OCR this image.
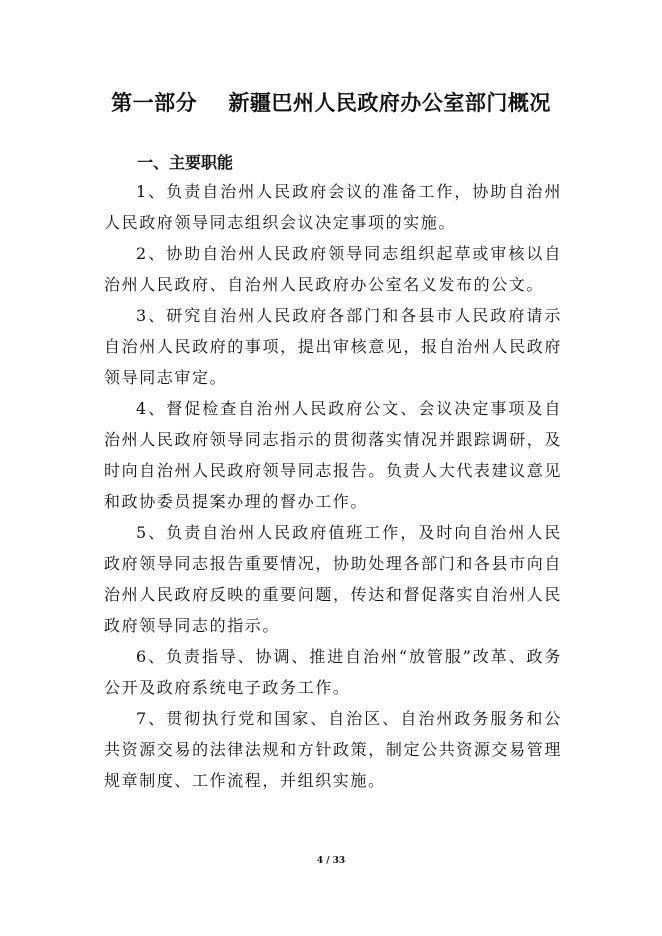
第一部分    新疆巴州人民政府办公室部门概况
一、主要职能

1、负责自治州人民政府会议的准备工作，协助自治州人民政府领导同志组织会议决定事项的实施。

2、协助自治州人民政府领导同志组织起草或审核以自治州人民政府、自治州人民政府办公室名义发布的公文。

3、研究自治州人民政府各部门和各县市人民政府请示自治州人民政府的事项，提出审核意见，报自治州人民政府领导同志审定。

4、督促检查自治州人民政府公文、会议决定事项及自治州人民政府领导同志指示的贯彻落实情况并跟踪调研，及时向自治州人民政府领导同志报告。负责人大代表建议意见和政协委员提案办理的督办工作。

5、负责自治州人民政府值班工作，及时向自治州人民政府领导同志报告重要情况，协助处理各部门和各县市向自治州人民政府反映的重要问题，传达和督促落实自治州人民政府领导同志的指示。

6、负责指导、协调、推进自治州“放管服”改革、政务公开及政府系统电子政务工作。

7、贯彻执行党和国家、自治区、自治州政务服务和公共资源交易的法律法规和方针政策，制定公共资源交易管理规章制度、工作流程，并组织实施。

4 / 33
